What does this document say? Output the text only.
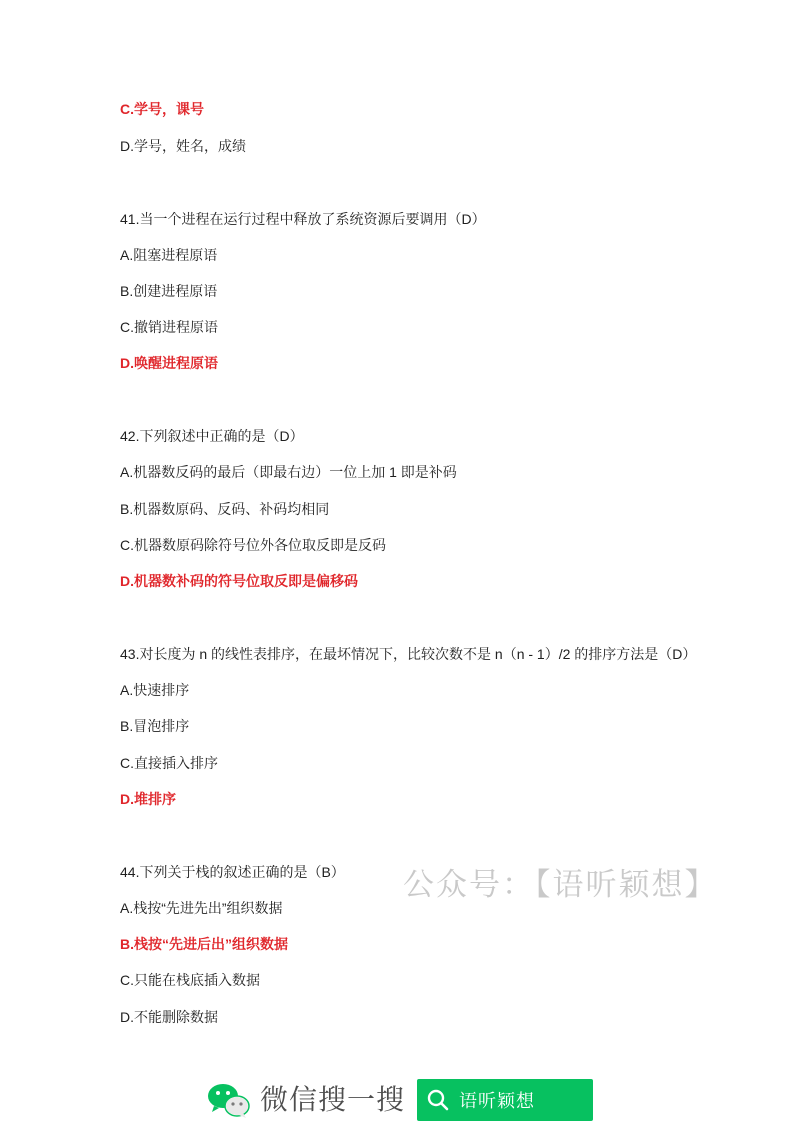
C.学号，课号
D.学号，姓名，成绩
41.当一个进程在运行过程中释放了系统资源后要调用（D）
A.阻塞进程原语
B.创建进程原语
C.撤销进程原语
D.唤醒进程原语
42.下列叙述中正确的是（D）
A.机器数反码的最后（即最右边）一位上加 1 即是补码
B.机器数原码、反码、补码均相同
C.机器数原码除符号位外各位取反即是反码
D.机器数补码的符号位取反即是偏移码
43.对长度为 n 的线性表排序，在最坏情况下，比较次数不是 n（n - 1）/2 的排序方法是（D）
A.快速排序
B.冒泡排序
C.直接插入排序
D.堆排序
44.下列关于栈的叙述正确的是（B）
A.栈按“先进先出”组织数据
B.栈按“先进后出”组织数据
C.只能在栈底插入数据
D.不能删除数据
公众号：【语听颖想】
微信搜一搜	语听颖想
